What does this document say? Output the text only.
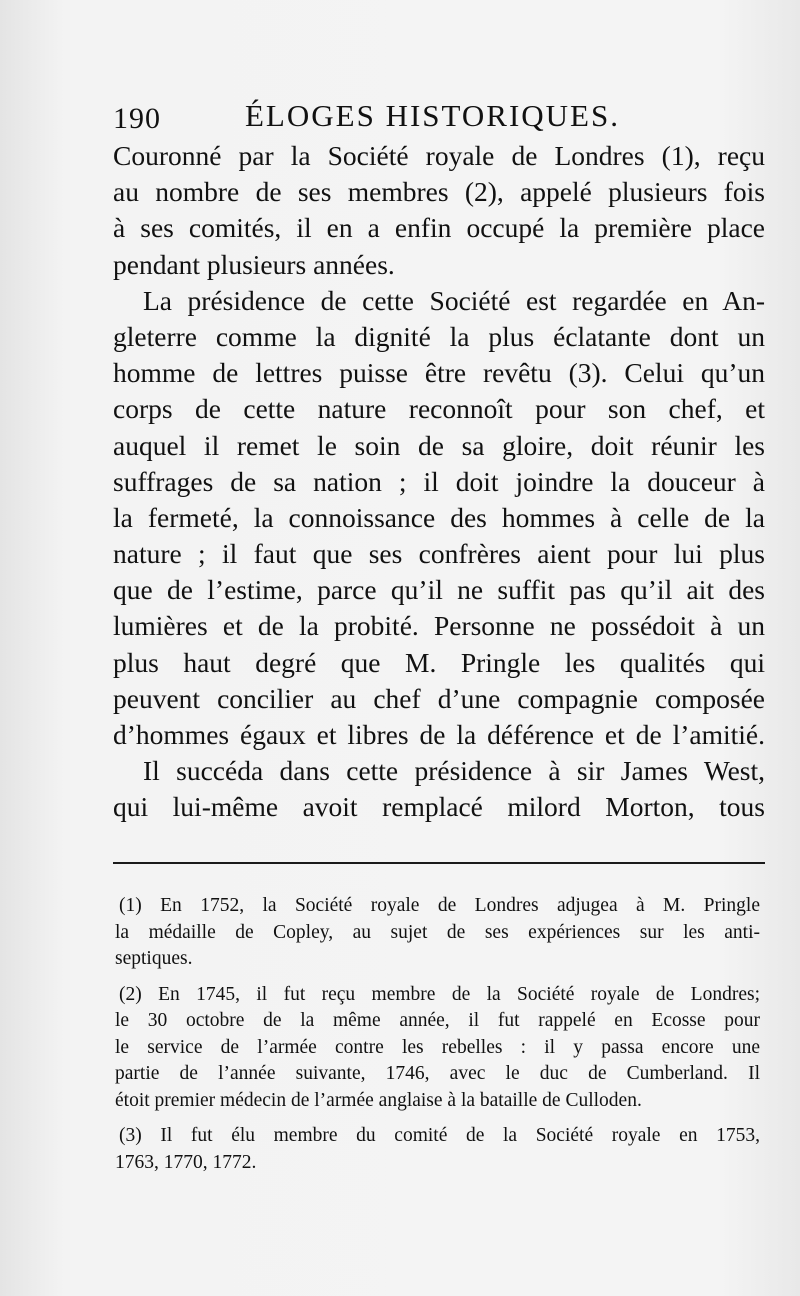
190	ÉLOGES HISTORIQUES.
Couronné par la Société royale de Londres (1), reçu
au nombre de ses membres (2), appelé plusieurs fois
à ses comités, il en a enfin occupé la première place
pendant plusieurs années.
La présidence de cette Société est regardée en An-
gleterre comme la dignité la plus éclatante dont un
homme de lettres puisse être revêtu (3). Celui qu’un
corps de cette nature reconnoît pour son chef, et
auquel il remet le soin de sa gloire, doit réunir les
suffrages de sa nation ; il doit joindre la douceur à
la fermeté, la connoissance des hommes à celle de la
nature ; il faut que ses confrères aient pour lui plus
que de l’estime, parce qu’il ne suffit pas qu’il ait des
lumières et de la probité. Personne ne possédoit à un
plus haut degré que M. Pringle les qualités qui
peuvent concilier au chef d’une compagnie composée
d’hommes égaux et libres de la déférence et de l’amitié.
Il succéda dans cette présidence à sir James West,
qui lui-même avoit remplacé milord Morton, tous
(1) En 1752, la Société royale de Londres adjugea à M. Pringle
la médaille de Copley, au sujet de ses expériences sur les anti-
septiques.
(2) En 1745, il fut reçu membre de la Société royale de Londres;
le 30 octobre de la même année, il fut rappelé en Ecosse pour
le service de l’armée contre les rebelles : il y passa encore une
partie de l’année suivante, 1746, avec le duc de Cumberland. Il
étoit premier médecin de l’armée anglaise à la bataille de Culloden.
(3) Il fut élu membre du comité de la Société royale en 1753,
1763, 1770, 1772.
